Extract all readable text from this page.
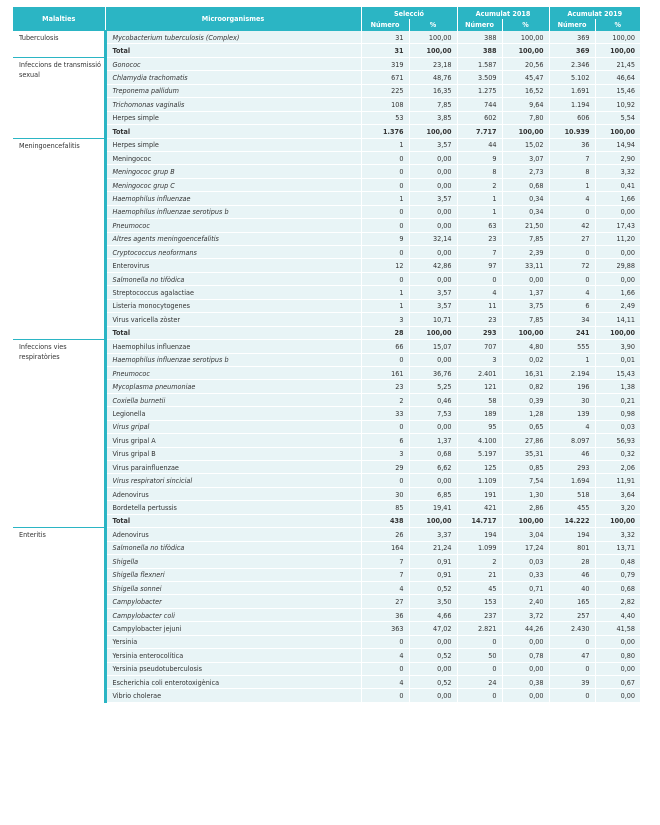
Malalties	Microorganismes	Selecció		Acumulat 2018		Acumulat 2019	
		Número	%	Número	%	Número	%
Tuberculosis	Mycobacterium tuberculosis (Complex)	31	100,00	388	100,00	369	100,00
	Total	31	100,00	388	100,00	369	100,00
Infeccions de transmissió sexual	Gonococ	319	23,18	1.587	20,56	2.346	21,45
	Chlamydia trachomatis	671	48,76	3.509	45,47	5.102	46,64
	Treponema pallidum	225	16,35	1.275	16,52	1.691	15,46
	Trichomonas vaginalis	108	7,85	744	9,64	1.194	10,92
	Herpes simple	53	3,85	602	7,80	606	5,54
	Total	1.376	100,00	7.717	100,00	10.939	100,00
Meningoencefalitis	Herpes simple	1	3,57	44	15,02	36	14,94
	Meningococ	0	0,00	9	3,07	7	2,90
	Meningococ grup B	0	0,00	8	2,73	8	3,32
	Meningococ grup C	0	0,00	2	0,68	1	0,41
	Haemophilus influenzae	1	3,57	1	0,34	4	1,66
	Haemophilus influenzae serotipus b	0	0,00	1	0,34	0	0,00
	Pneumococ	0	0,00	63	21,50	42	17,43
	Altres agents meningoencefalitis	9	32,14	23	7,85	27	11,20
	Cryptococcus neoformans	0	0,00	7	2,39	0	0,00
	Enterovirus	12	42,86	97	33,11	72	29,88
	Salmonella no tifòdica	0	0,00	0	0,00	0	0,00
	Streptococcus agalactiae	1	3,57	4	1,37	4	1,66
	Listeria monocytogenes	1	3,57	11	3,75	6	2,49
	Virus varicella zòster	3	10,71	23	7,85	34	14,11
	Total	28	100,00	293	100,00	241	100,00
Infeccions vies respiratòries	Haemophilus influenzae	66	15,07	707	4,80	555	3,90
	Haemophilus influenzae serotipus b	0	0,00	3	0,02	1	0,01
	Pneumococ	161	36,76	2.401	16,31	2.194	15,43
	Mycoplasma pneumoniae	23	5,25	121	0,82	196	1,38
	Coxiella burnetii	2	0,46	58	0,39	30	0,21
	Legionella	33	7,53	189	1,28	139	0,98
	Virus gripal	0	0,00	95	0,65	4	0,03
	Virus gripal A	6	1,37	4.100	27,86	8.097	56,93
	Virus gripal B	3	0,68	5.197	35,31	46	0,32
	Virus parainfluenzae	29	6,62	125	0,85	293	2,06
	Virus respiratori sincicial	0	0,00	1.109	7,54	1.694	11,91
	Adenovirus	30	6,85	191	1,30	518	3,64
	Bordetella pertussis	85	19,41	421	2,86	455	3,20
	Total	438	100,00	14.717	100,00	14.222	100,00
Enteritis	Adenovirus	26	3,37	194	3,04	194	3,32
	Salmonella no tifòdica	164	21,24	1.099	17,24	801	13,71
	Shigella	7	0,91	2	0,03	28	0,48
	Shigella flexneri	7	0,91	21	0,33	46	0,79
	Shigella sonnei	4	0,52	45	0,71	40	0,68
	Campylobacter	27	3,50	153	2,40	165	2,82
	Campylobacter coli	36	4,66	237	3,72	257	4,40
	Campylobacter jejuni	363	47,02	2.821	44,26	2.430	41,58
	Yersinia	0	0,00	0	0,00	0	0,00
	Yersinia enterocolítica	4	0,52	50	0,78	47	0,80
	Yersinia pseudotuberculosis	0	0,00	0	0,00	0	0,00
	Escherichia coli enterotoxigènica	4	0,52	24	0,38	39	0,67
	Vibrio cholerae	0	0,00	0	0,00	0	0,00
